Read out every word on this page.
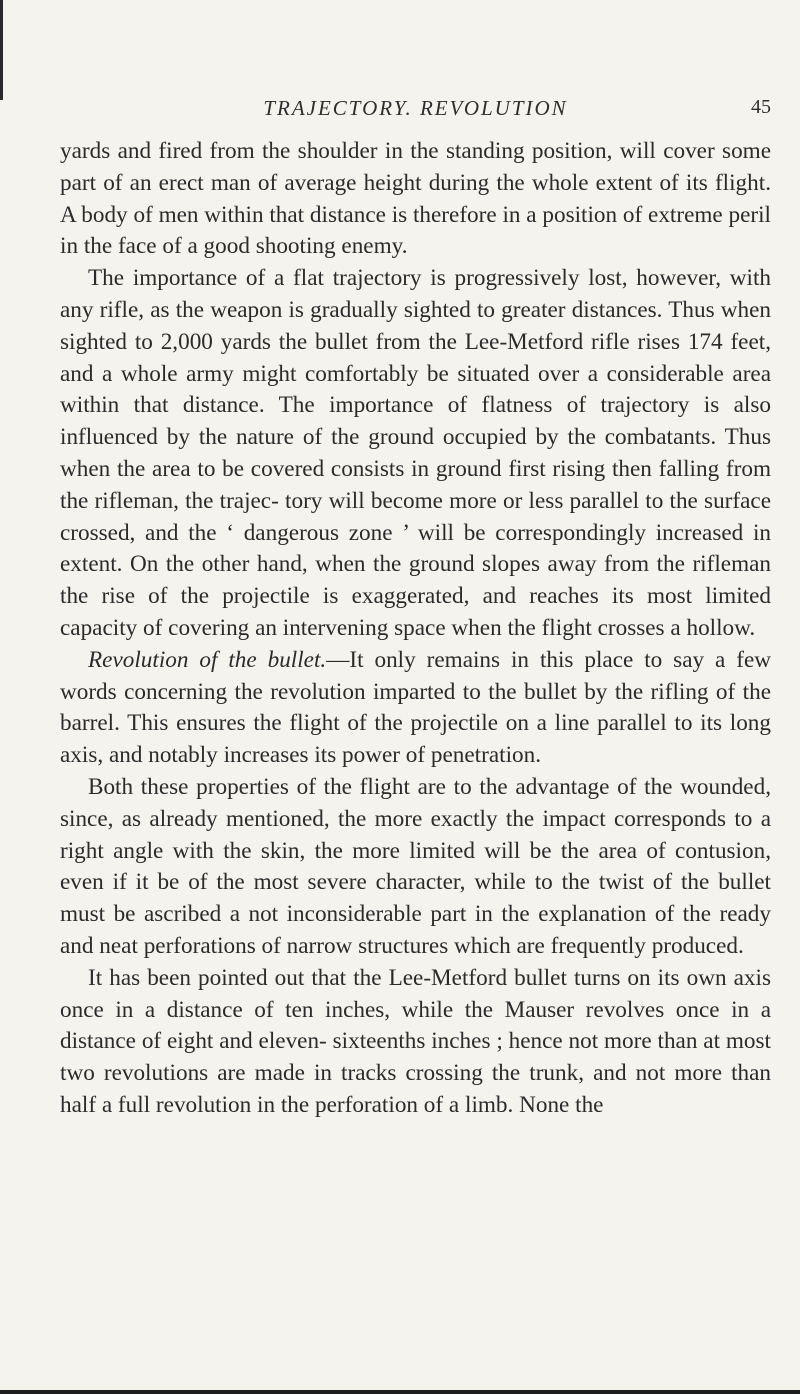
TRAJECTORY. REVOLUTION	45

yards and fired from the shoulder in the standing position, will cover some part of an erect man of average height during the whole extent of its flight. A body of men within that distance is therefore in a position of extreme peril in the face of a good shooting enemy.

The importance of a flat trajectory is progressively lost, however, with any rifle, as the weapon is gradually sighted to greater distances. Thus when sighted to 2,000 yards the bullet from the Lee-Metford rifle rises 174 feet, and a whole army might comfortably be situated over a considerable area within that distance. The importance of flatness of trajectory is also influenced by the nature of the ground occupied by the combatants. Thus when the area to be covered consists in ground first rising then falling from the rifleman, the trajec- tory will become more or less parallel to the surface crossed, and the ‘ dangerous zone ’ will be correspondingly increased in extent. On the other hand, when the ground slopes away from the rifleman the rise of the projectile is exaggerated, and reaches its most limited capacity of covering an intervening space when the flight crosses a hollow.

Revolution of the bullet.—It only remains in this place to say a few words concerning the revolution imparted to the bullet by the rifling of the barrel. This ensures the flight of the projectile on a line parallel to its long axis, and notably increases its power of penetration.

Both these properties of the flight are to the advantage of the wounded, since, as already mentioned, the more exactly the impact corresponds to a right angle with the skin, the more limited will be the area of contusion, even if it be of the most severe character, while to the twist of the bullet must be ascribed a not inconsiderable part in the explanation of the ready and neat perforations of narrow structures which are frequently produced.

It has been pointed out that the Lee-Metford bullet turns on its own axis once in a distance of ten inches, while the Mauser revolves once in a distance of eight and eleven- sixteenths inches ; hence not more than at most two revolutions are made in tracks crossing the trunk, and not more than half a full revolution in the perforation of a limb. None the
